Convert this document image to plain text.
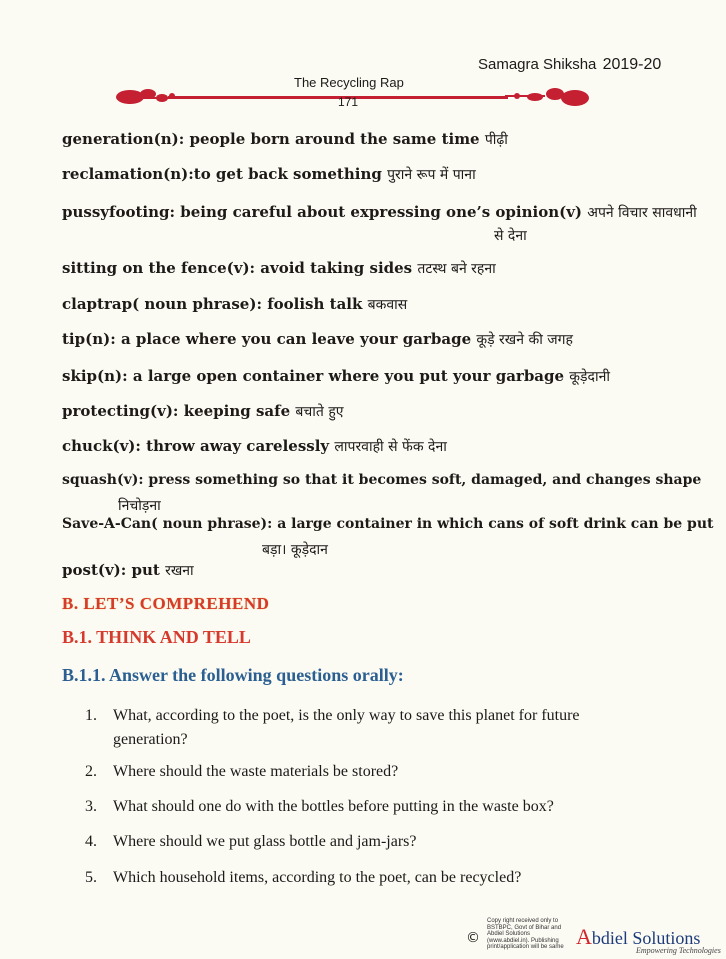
Samagra Shiksha 2019-20
The Recycling Rap
171
generation(n): people born around the same time पीढ़ी
reclamation(n):to get back something पुराने रूप में पाना
pussyfooting: being careful about expressing one’s opinion(v) अपने विचार सावधानी
से देना
sitting on the fence(v): avoid taking sides तटस्थ बने रहना
claptrap( noun phrase): foolish talk बकवास
tip(n): a place where you can leave your garbage कूड़े रखने की जगह
skip(n): a large open container where you put your garbage कूड़ेदानी
protecting(v): keeping safe बचाते हुए
chuck(v): throw away carelessly लापरवाही से फेंक देना
squash(v): press something so that it becomes soft, damaged, and changes shape
निचोड़ना
Save-A-Can( noun phrase): a large container in which cans of soft drink can be put
बड़ा। कूड़ेदान
post(v): put रखना
B. LET’S COMPREHEND
B.1. THINK AND TELL
B.1.1. Answer the following questions orally:
1. What, according to the poet, is the only way to save this planet for future generation?
2. Where should the waste materials be stored?
3. What should one do with the bottles before putting in the waste box?
4. Where should we put glass bottle and jam-jars?
5. Which household items, according to the poet, can be recycled?
©
Copy right received only to BSTBPC, Govt of Bihar and Abdiel Solutions (www.abdiel.in). Publishing print/application will be same Abdiel Solutions
Empowering Technologies
